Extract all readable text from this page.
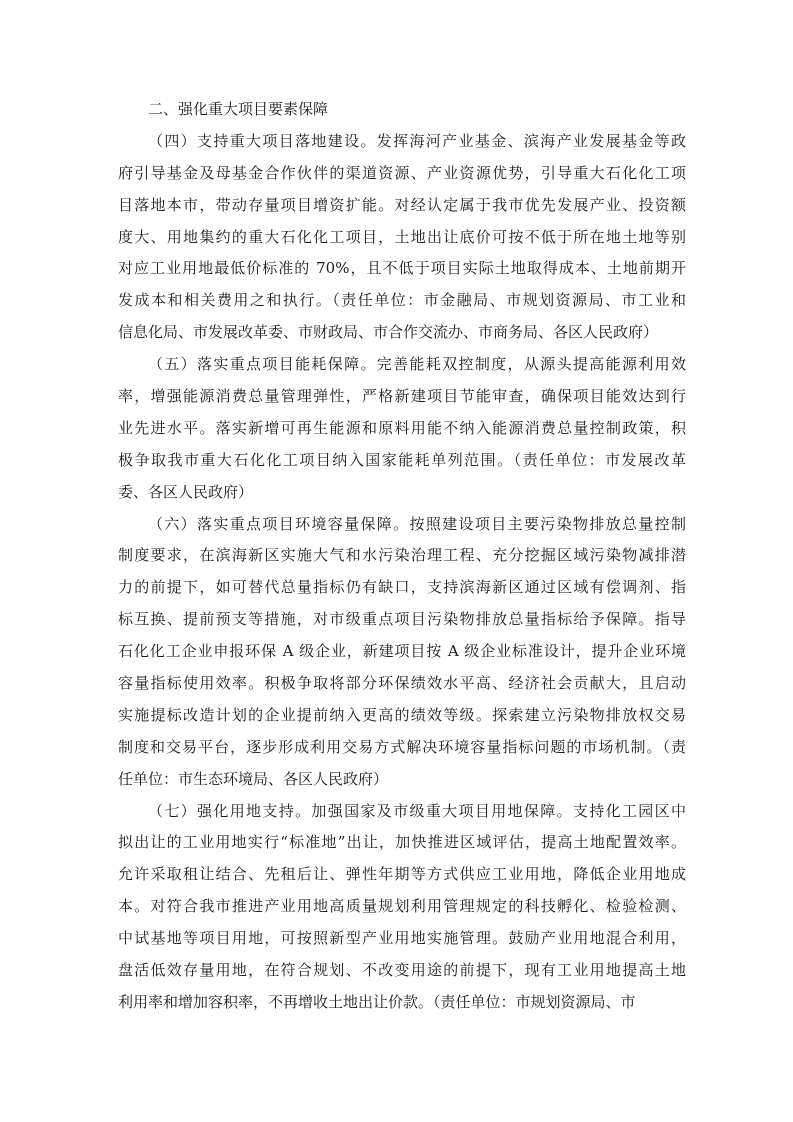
二、强化重大项目要素保障
（四）支持重大项目落地建设。发挥海河产业基金、滨海产业发展基金等政
府引导基金及母基金合作伙伴的渠道资源、产业资源优势，引导重大石化化工项
目落地本市，带动存量项目增资扩能。对经认定属于我市优先发展产业、投资额
度大、用地集约的重大石化化工项目，土地出让底价可按不低于所在地土地等别
对应工业用地最低价标准的 70%，且不低于项目实际土地取得成本、土地前期开
发成本和相关费用之和执行。（责任单位：市金融局、市规划资源局、市工业和
信息化局、市发展改革委、市财政局、市合作交流办、市商务局、各区人民政府）
（五）落实重点项目能耗保障。完善能耗双控制度，从源头提高能源利用效
率，增强能源消费总量管理弹性，严格新建项目节能审查，确保项目能效达到行
业先进水平。落实新增可再生能源和原料用能不纳入能源消费总量控制政策，积
极争取我市重大石化化工项目纳入国家能耗单列范围。（责任单位：市发展改革
委、各区人民政府）
（六）落实重点项目环境容量保障。按照建设项目主要污染物排放总量控制
制度要求，在滨海新区实施大气和水污染治理工程、充分挖掘区域污染物减排潜
力的前提下，如可替代总量指标仍有缺口，支持滨海新区通过区域有偿调剂、指
标互换、提前预支等措施，对市级重点项目污染物排放总量指标给予保障。指导
石化化工企业申报环保 A 级企业，新建项目按 A 级企业标准设计，提升企业环境
容量指标使用效率。积极争取将部分环保绩效水平高、经济社会贡献大，且启动
实施提标改造计划的企业提前纳入更高的绩效等级。探索建立污染物排放权交易
制度和交易平台，逐步形成利用交易方式解决环境容量指标问题的市场机制。（责
任单位：市生态环境局、各区人民政府）
（七）强化用地支持。加强国家及市级重大项目用地保障。支持化工园区中
拟出让的工业用地实行“标准地”出让，加快推进区域评估，提高土地配置效率。
允许采取租让结合、先租后让、弹性年期等方式供应工业用地，降低企业用地成
本。对符合我市推进产业用地高质量规划利用管理规定的科技孵化、检验检测、
中试基地等项目用地，可按照新型产业用地实施管理。鼓励产业用地混合利用，
盘活低效存量用地，在符合规划、不改变用途的前提下，现有工业用地提高土地
利用率和增加容积率，不再增收土地出让价款。（责任单位：市规划资源局、市
